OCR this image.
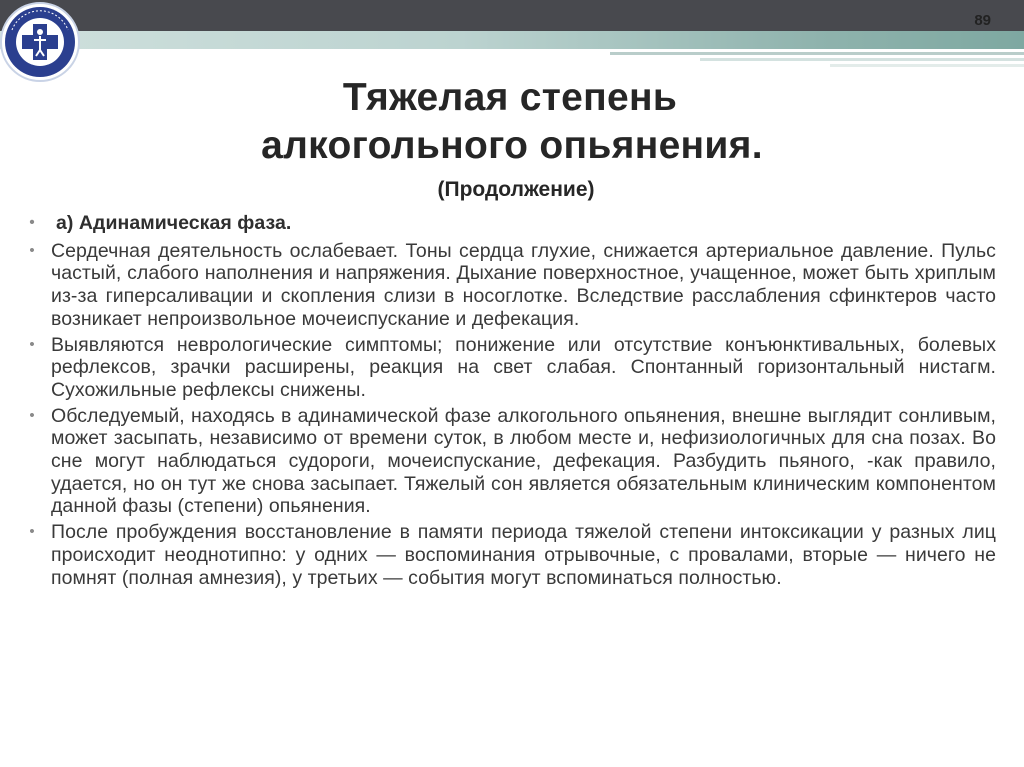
89
Тяжелая степень
алкогольного опьянения.
(Продолжение)
•	а) Адинамическая фаза.
• Сердечная деятельность ослабевает. Тоны сердца глухие, снижается артериальное давление. Пульс частый, слабого наполнения и напряжения. Дыхание поверхностное, учащенное, может быть хриплым из-за гиперсаливации и скопления слизи в носоглотке. Вследствие расслабления сфинктеров часто возникает непроизвольное мочеиспускание и дефекация.
• Выявляются неврологические симптомы; понижение или отсутствие конъюнктивальных, болевых рефлексов, зрачки расширены, реакция на свет слабая. Спонтанный горизонтальный нистагм. Сухожильные рефлексы снижены.
• Обследуемый, находясь в адинамической фазе алкогольного опьянения, внешне выглядит сонливым, может засыпать, независимо от времени суток, в любом месте и, нефизиологичных для сна позах. Во сне могут наблюдаться судороги, мочеиспускание, дефекация. Разбудить пьяного, -как правило, удается, но он тут же снова засыпает. Тяжелый сон является обязательным клиническим компонентом данной фазы (степени) опьянения.
• После пробуждения восстановление в памяти периода тяжелой степени интоксикации у разных лиц происходит неоднотипно: у одних — воспоминания отрывочные, с провалами, вторые — ничего не помнят (полная амнезия), у третьих — события могут вспоминаться полностью.
